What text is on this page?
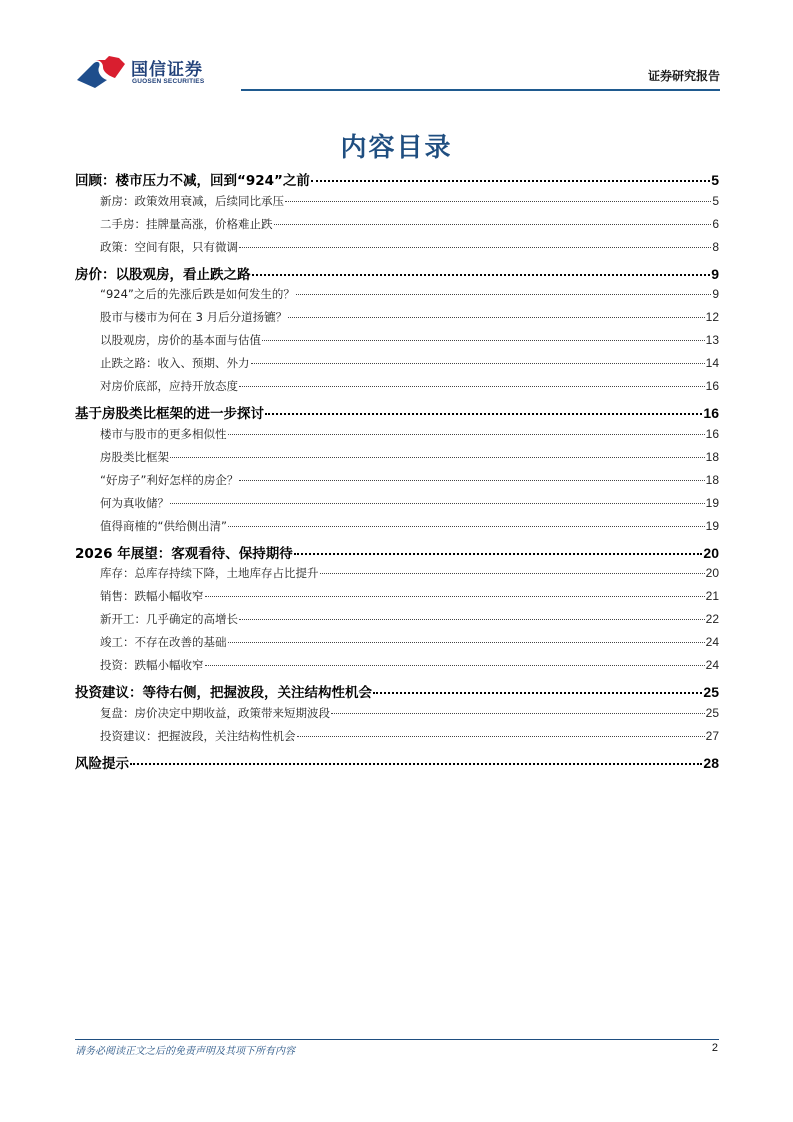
国信证券
GUOSEN SECURITIES	证券研究报告
内容目录
回顾：楼市压力不减，回到“924”之前	5
新房：政策效用衰减，后续同比承压	5
二手房：挂牌量高涨，价格难止跌	6
政策：空间有限，只有微调	8
房价：以股观房，看止跌之路	9
“924”之后的先涨后跌是如何发生的？	9
股市与楼市为何在 3 月后分道扬镳？	12
以股观房，房价的基本面与估值	13
止跌之路：收入、预期、外力	14
对房价底部，应持开放态度	16
基于房股类比框架的进一步探讨	16
楼市与股市的更多相似性	16
房股类比框架	18
“好房子”利好怎样的房企？	18
何为真收储？	19
值得商榷的“供给侧出清”	19
2026 年展望：客观看待、保持期待	20
库存：总库存持续下降，土地库存占比提升	20
销售：跌幅小幅收窄	21
新开工：几乎确定的高增长	22
竣工：不存在改善的基础	24
投资：跌幅小幅收窄	24
投资建议：等待右侧，把握波段，关注结构性机会	25
复盘：房价决定中期收益，政策带来短期波段	25
投资建议：把握波段，关注结构性机会	27
风险提示	28
请务必阅读正文之后的免责声明及其项下所有内容	2
